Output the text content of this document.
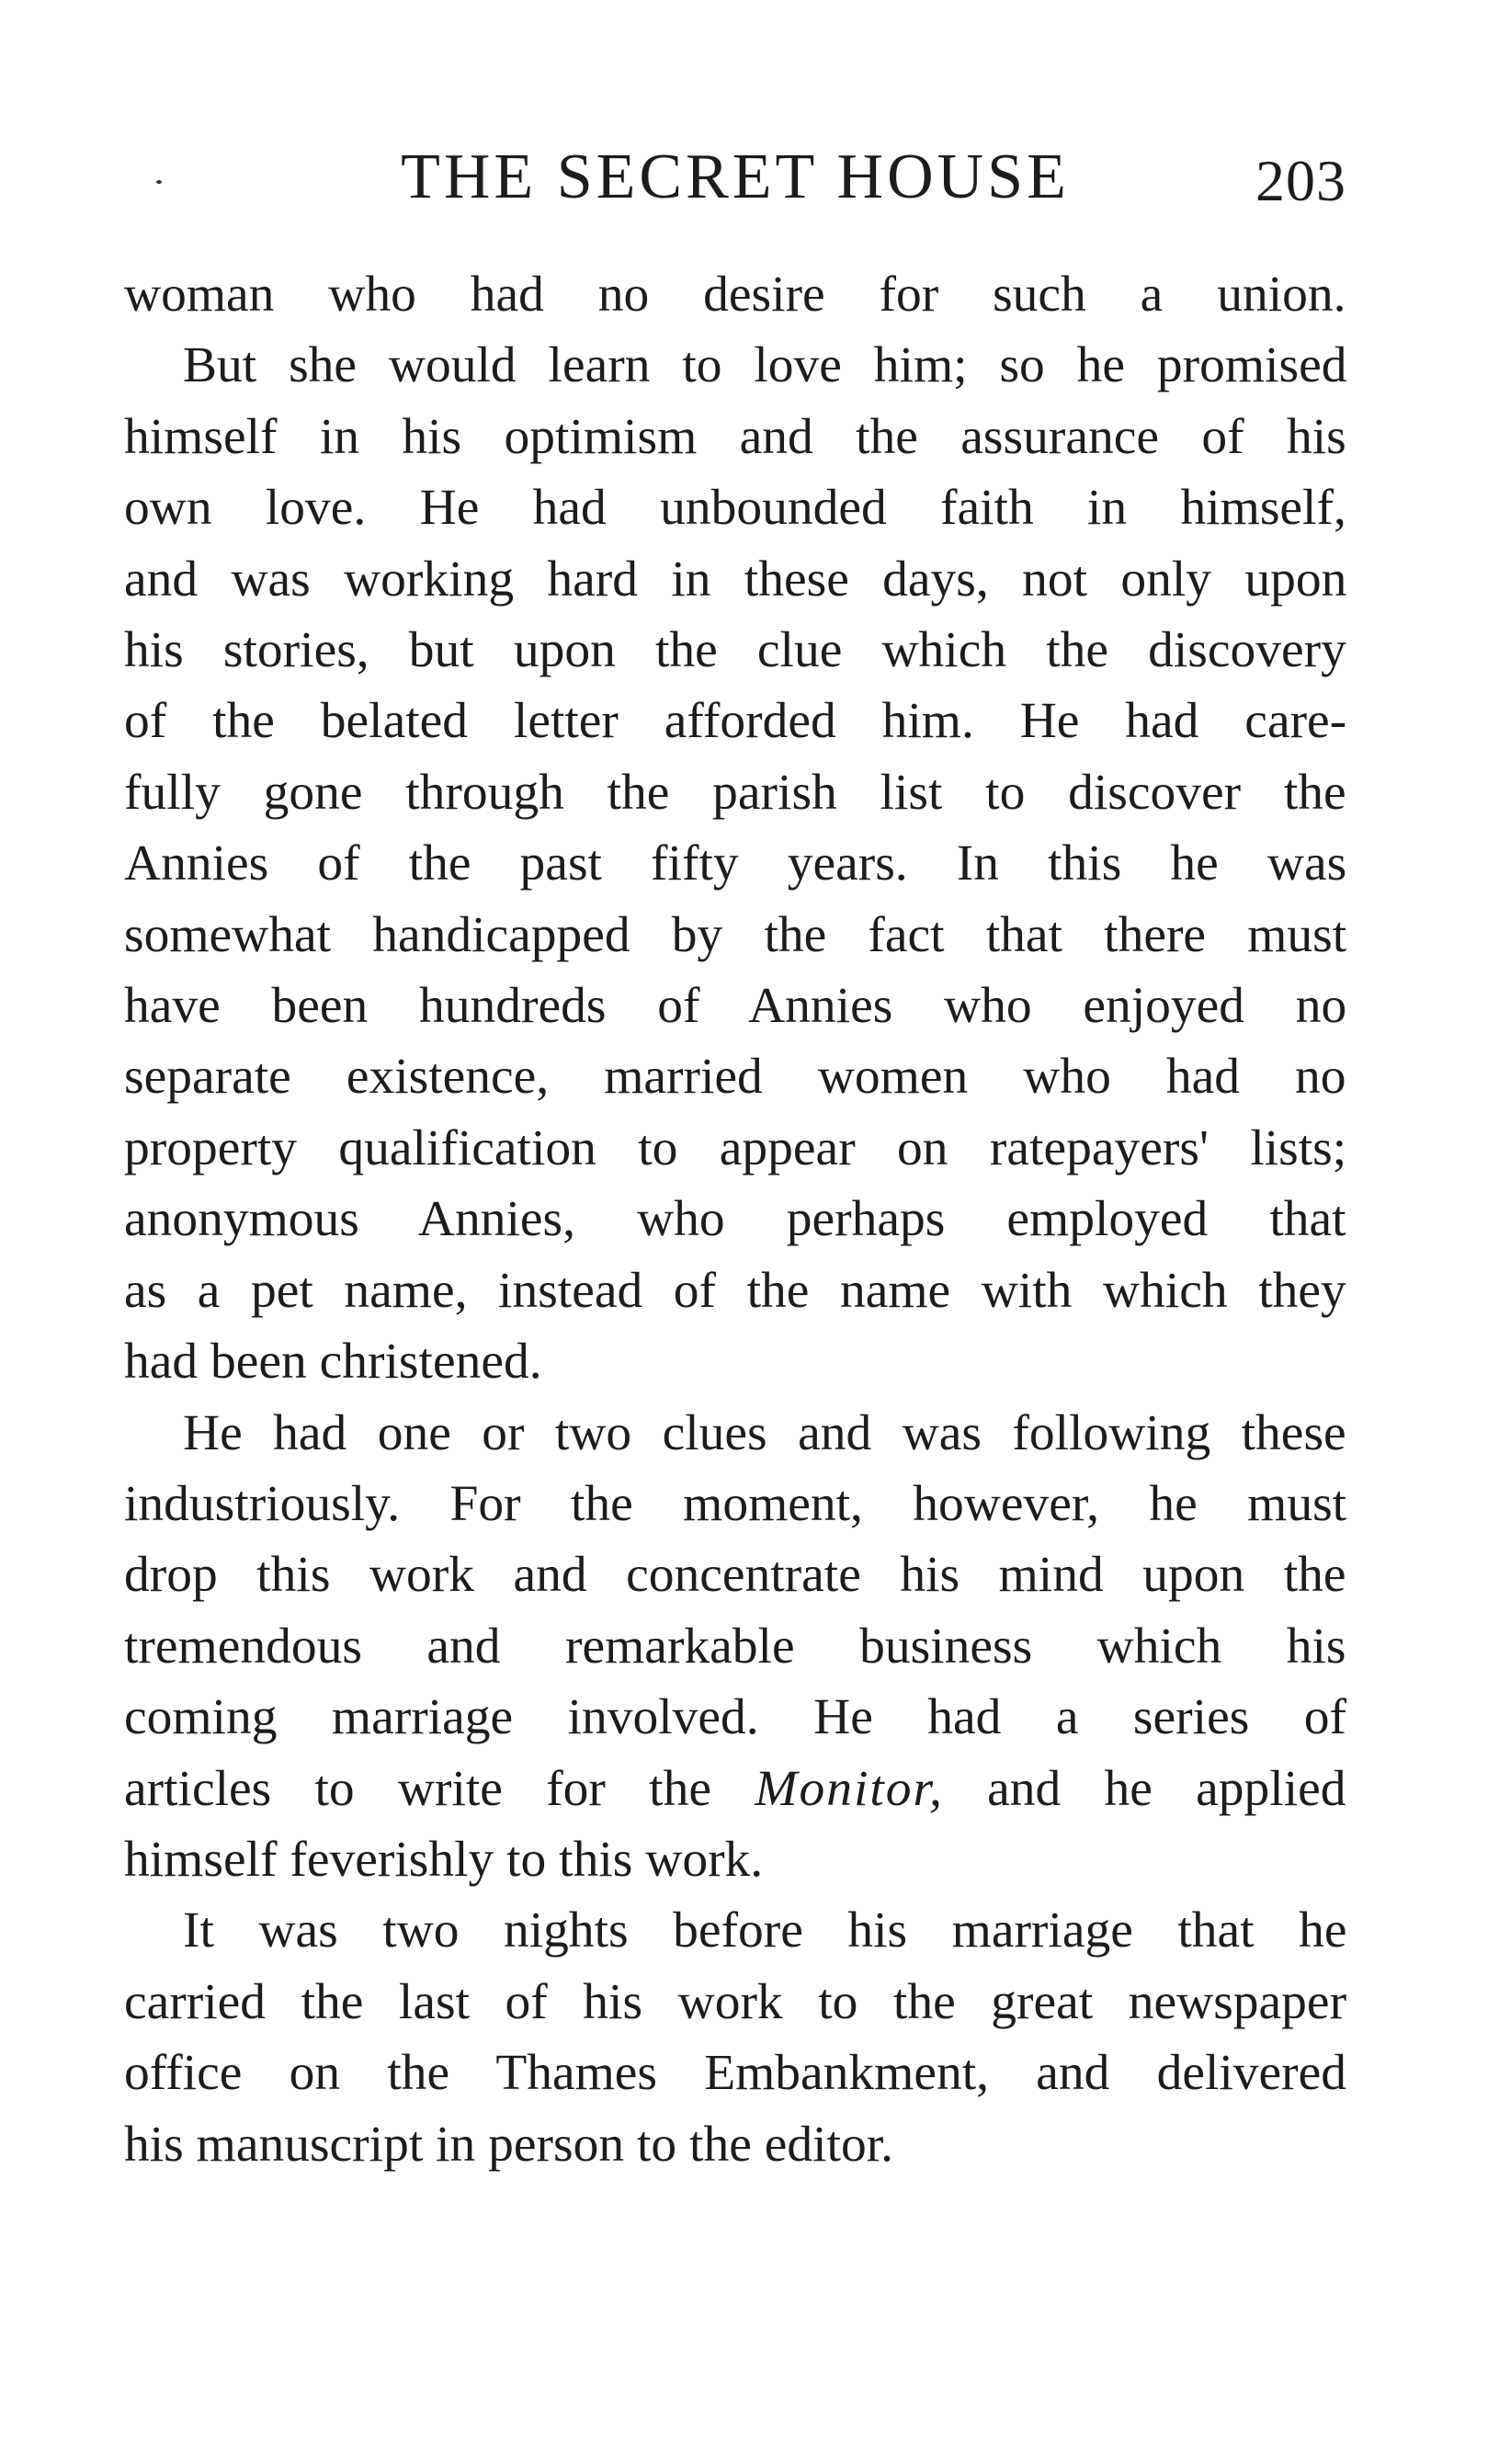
THE SECRET HOUSE	203
woman who had no desire for such a union.
But she would learn to love him; so he promised
himself in his optimism and the assurance of his
own love. He had unbounded faith in himself,
and was working hard in these days, not only upon
his stories, but upon the clue which the discovery
of the belated letter afforded him. He had care-
fully gone through the parish list to discover the
Annies of the past fifty years. In this he was
somewhat handicapped by the fact that there must
have been hundreds of Annies who enjoyed no
separate existence, married women who had no
property qualification to appear on ratepayers' lists;
anonymous Annies, who perhaps employed that
as a pet name, instead of the name with which they
had been christened.
He had one or two clues and was following these
industriously. For the moment, however, he must
drop this work and concentrate his mind upon the
tremendous and remarkable business which his
coming marriage involved. He had a series of
articles to write for the Monitor, and he applied
himself feverishly to this work.
It was two nights before his marriage that he
carried the last of his work to the great newspaper
office on the Thames Embankment, and delivered
his manuscript in person to the editor.
